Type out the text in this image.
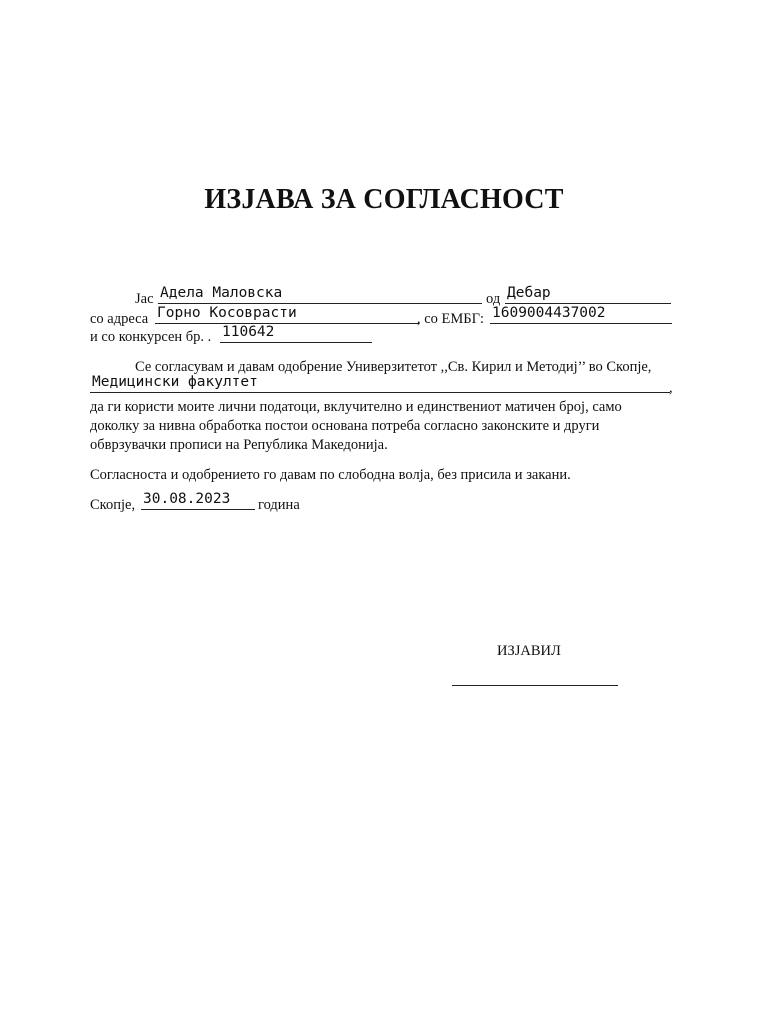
ИЗЈАВА ЗА СОГЛАСНОСТ
Јас Адела Маловска	од Дебар
со адреса Горно Косоврасти	, со ЕМБГ: 1609004437002
и со конкурсен бр. . 110642
Се согласувам и давам одобрение Универзитетот ,,Св. Кирил и Методиј’’ во Скопје,
Медицински факултет	,
да ги користи моите лични податоци, вклучително и единствениот матичен број, само
доколку за нивна обработка постои основана потреба согласно законските и други
обврзувачки прописи на Република Македонија.
Согласноста и одобрението го давам по слободна волја, без присила и закани.
Скопје, 30.08.2023	година
ИЗЈАВИЛ
